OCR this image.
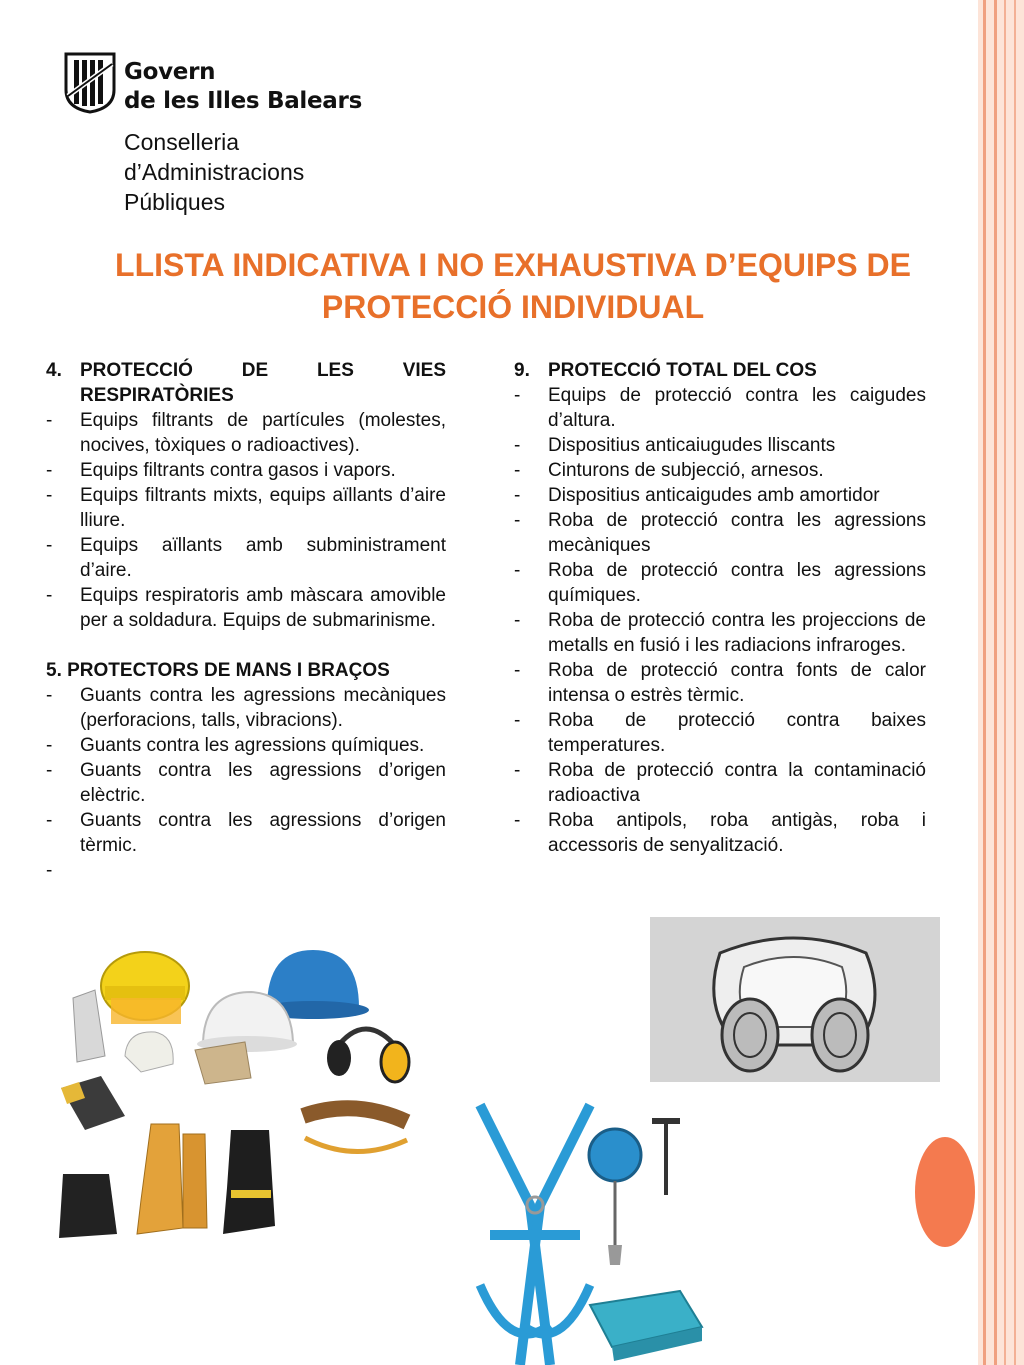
Govern
de les Illes Balears
Conselleria
d’Administracions
Públiques
LLISTA INDICATIVA I NO EXHAUSTIVA D’EQUIPS DE
PROTECCIÓ INDIVIDUAL
4. PROTECCIÓ DE LES VIES
RESPIRATÒRIES
-	Equips filtrants de partícules (molestes, nocives, tòxiques o radioactives).
-	Equips filtrants contra gasos i vapors.
-	Equips filtrants mixts, equips aïllants d’aire lliure.
-	Equips aïllants amb subministrament d’aire.
-	Equips respiratoris amb màscara amovible per a soldadura. Equips de submarinisme.
5. PROTECTORS DE MANS I BRAÇOS
-	Guants contra les agressions mecàniques (perforacions, talls, vibracions).
-	Guants contra les agressions químiques.
-	Guants contra les agressions d’origen elèctric.
-	Guants contra les agressions d’origen tèrmic.
-
9. PROTECCIÓ TOTAL DEL COS
-	Equips de protecció contra les caigudes d’altura.
-	Dispositius anticaiugudes lliscants
-	Cinturons de subjecció, arnesos.
-	Dispositius anticaigudes amb amortidor
-	Roba de protecció contra les agressions mecàniques
-	Roba de protecció contra les agressions químiques.
-	Roba de protecció contra les projeccions de metalls en fusió i les radiacions infraroges.
-	Roba de protecció contra fonts de calor intensa o estrès tèrmic.
-	Roba de protecció contra baixes temperatures.
-	Roba de protecció contra la contaminació radioactiva
-	Roba antipols, roba antigàs, roba i accessoris de senyalització.
